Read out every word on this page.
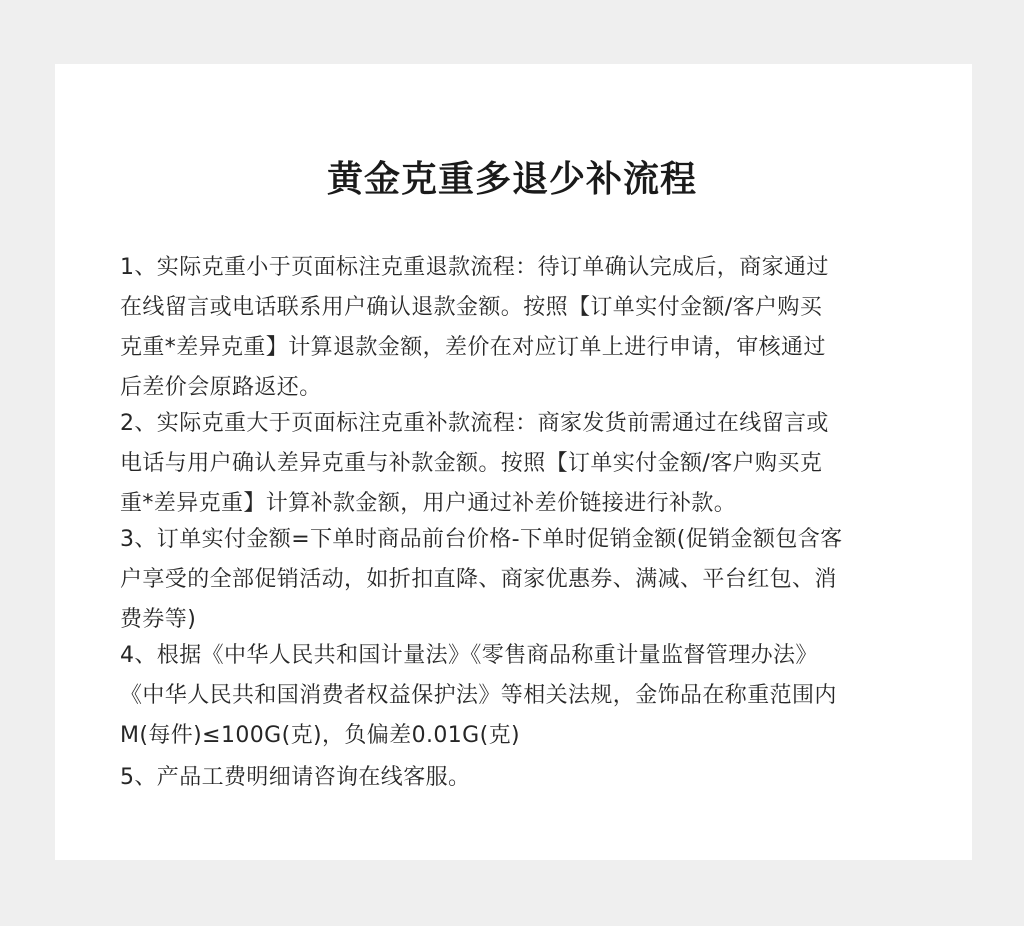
黄金克重多退少补流程

1、实际克重小于页面标注克重退款流程：待订单确认完成后，商家通过
在线留言或电话联系用户确认退款金额。按照【订单实付金额/客户购买
克重*差异克重】计算退款金额，差价在对应订单上进行申请，审核通过
后差价会原路返还。

2、实际克重大于页面标注克重补款流程：商家发货前需通过在线留言或
电话与用户确认差异克重与补款金额。按照【订单实付金额/客户购买克
重*差异克重】计算补款金额，用户通过补差价链接进行补款。

3、订单实付金额=下单时商品前台价格-下单时促销金额(促销金额包含客
户享受的全部促销活动，如折扣直降、商家优惠券、满减、平台红包、消
费券等)

4、根据《中华人民共和国计量法》《零售商品称重计量监督管理办法》
《中华人民共和国消费者权益保护法》等相关法规，金饰品在称重范围内
M(每件)≤100G(克)，负偏差0.01G(克)

5、产品工费明细请咨询在线客服。
